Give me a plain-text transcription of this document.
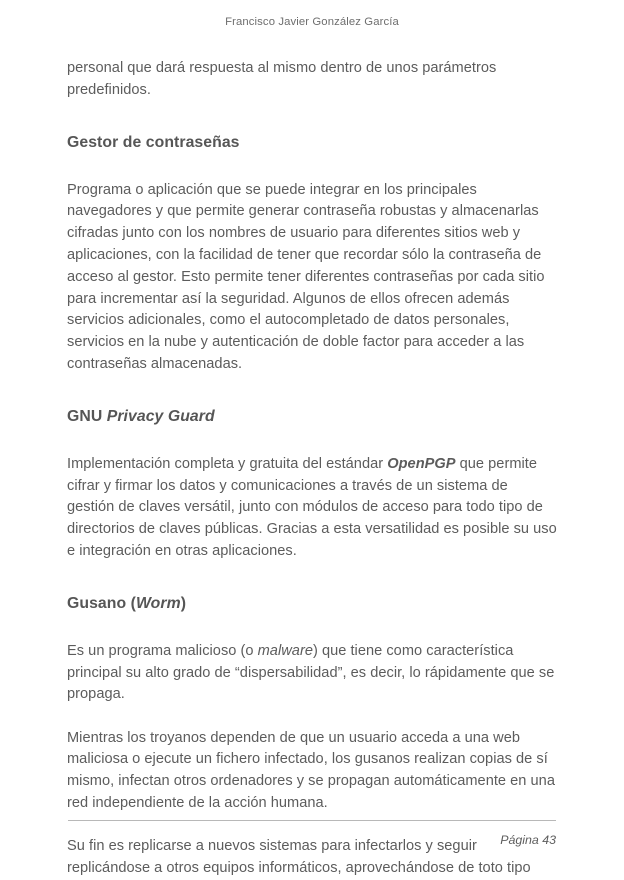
Francisco Javier González García

personal que dará respuesta al mismo dentro de unos parámetros predefinidos.

Gestor de contraseñas

Programa o aplicación que se puede integrar en los principales navegadores y que permite generar contraseña robustas y almacenarlas cifradas junto con los nombres de usuario para diferentes sitios web y aplicaciones, con la facilidad de tener que recordar sólo la contraseña de acceso al gestor. Esto permite tener diferentes contraseñas por cada sitio para incrementar así la seguridad. Algunos de ellos ofrecen además servicios adicionales, como el autocompletado de datos personales, servicios en la nube y autenticación de doble factor para acceder a las contraseñas almacenadas.

GNU Privacy Guard

Implementación completa y gratuita del estándar OpenPGP que permite cifrar y firmar los datos y comunicaciones a través de un sistema de gestión de claves versátil, junto con módulos de acceso para todo tipo de directorios de claves públicas. Gracias a esta versatilidad es posible su uso e integración en otras aplicaciones.

Gusano (Worm)

Es un programa malicioso (o malware) que tiene como característica principal su alto grado de “dispersabilidad”, es decir, lo rápidamente que se propaga.

Mientras los troyanos dependen de que un usuario acceda a una web maliciosa o ejecute un fichero infectado, los gusanos realizan copias de sí mismo, infectan otros ordenadores y se propagan automáticamente en una red independiente de la acción humana.

Su fin es replicarse a nuevos sistemas para infectarlos y seguir replicándose a otros equipos informáticos, aprovechándose de toto tipo

Página 43
